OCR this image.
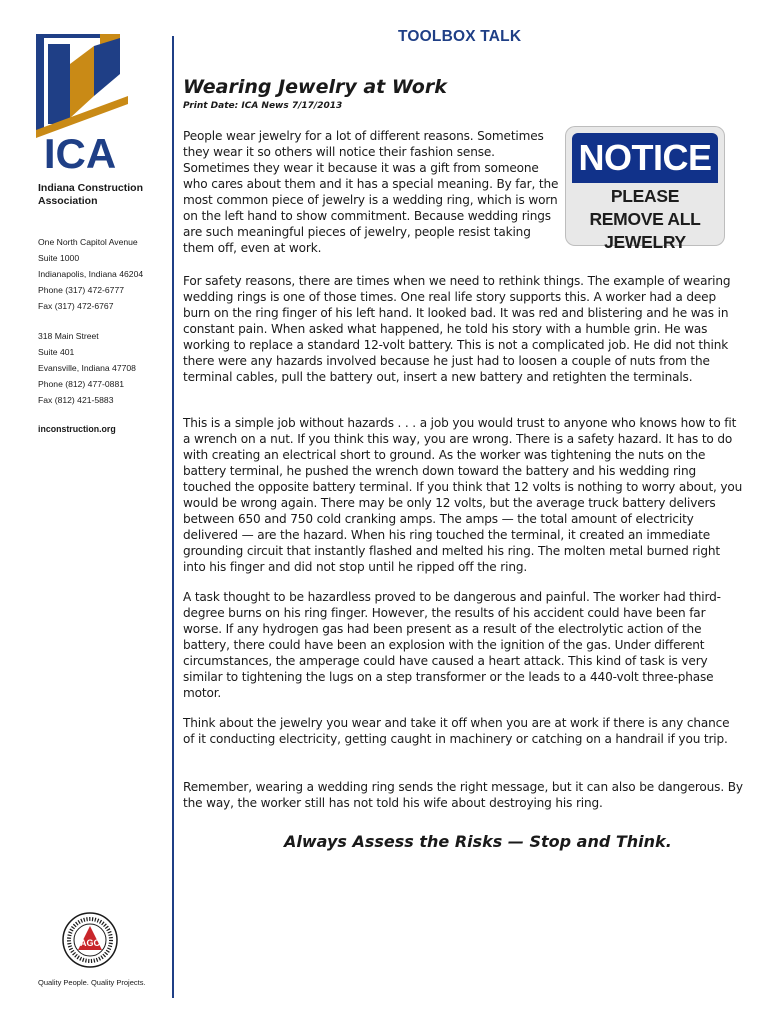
ICA
Indiana Construction Association
One North Capitol Avenue
Suite 1000
Indianapolis, Indiana 46204
Phone (317) 472-6777
Fax (317) 472-6767
318 Main Street
Suite 401
Evansville, Indiana 47708
Phone (812) 477-0881
Fax (812) 421-5883
inconstruction.org
AGC
Quality People. Quality Projects.
TOOLBOX TALK
Wearing Jewelry at Work
Print Date: ICA News 7/17/2013
NOTICE
PLEASE REMOVE ALL JEWELRY

People wear jewelry for a lot of different reasons. Sometimes they wear it so others will notice their fashion sense. Sometimes they wear it because it was a gift from someone who cares about them and it has a special meaning. By far, the most common piece of jewelry is a wedding ring, which is worn on the left hand to show commitment. Because wedding rings are such meaningful pieces of jewelry, people resist taking them off, even at work.

For safety reasons, there are times when we need to rethink things. The example of wearing wedding rings is one of those times. One real life story supports this. A worker had a deep burn on the ring finger of his left hand. It looked bad. It was red and blistering and he was in constant pain. When asked what happened, he told his story with a humble grin. He was working to replace a standard 12-volt battery. This is not a complicated job. He did not think there were any hazards involved because he just had to loosen a couple of nuts from the terminal cables, pull the battery out, insert a new battery and retighten the terminals.

This is a simple job without hazards . . . a job you would trust to anyone who knows how to fit a wrench on a nut. If you think this way, you are wrong. There is a safety hazard. It has to do with creating an electrical short to ground. As the worker was tightening the nuts on the battery terminal, he pushed the wrench down toward the battery and his wedding ring touched the opposite battery terminal. If you think that 12 volts is nothing to worry about, you would be wrong again. There may be only 12 volts, but the average truck battery delivers between 650 and 750 cold cranking amps. The amps — the total amount of electricity delivered — are the hazard. When his ring touched the terminal, it created an immediate grounding circuit that instantly flashed and melted his ring. The molten metal burned right into his finger and did not stop until he ripped off the ring.

A task thought to be hazardless proved to be dangerous and painful. The worker had third-degree burns on his ring finger. However, the results of his accident could have been far worse. If any hydrogen gas had been present as a result of the electrolytic action of the battery, there could have been an explosion with the ignition of the gas. Under different circumstances, the amperage could have caused a heart attack. This kind of task is very similar to tightening the lugs on a step transformer or the leads to a 440-volt three-phase motor.

Think about the jewelry you wear and take it off when you are at work if there is any chance of it conducting electricity, getting caught in machinery or catching on a handrail if you trip.

Remember, wearing a wedding ring sends the right message, but it can also be dangerous. By the way, the worker still has not told his wife about destroying his ring.

Always Assess the Risks — Stop and Think.
